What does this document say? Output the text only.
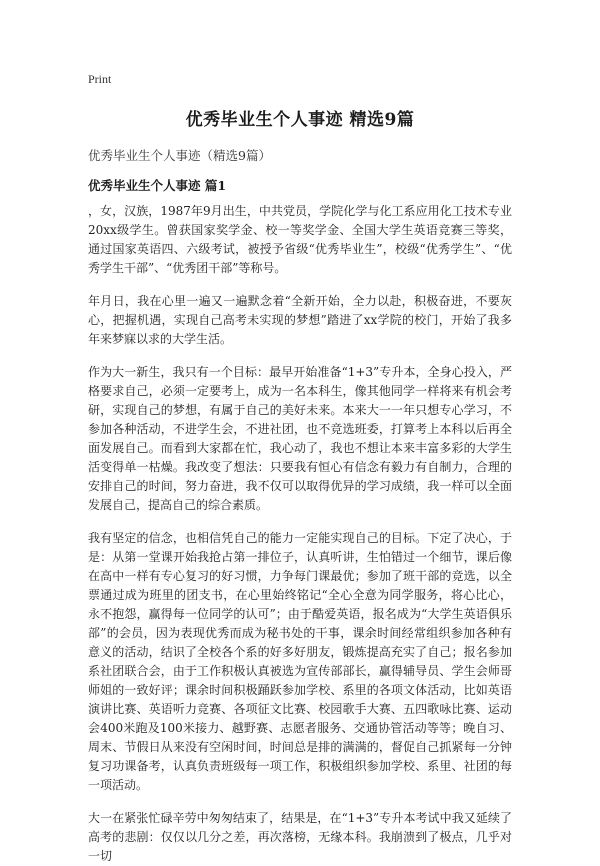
Print
优秀毕业生个人事迹 精选9篇

优秀毕业生个人事迹（精选9篇）

优秀毕业生个人事迹 篇1

，女，汉族，1987年9月出生，中共党员，学院化学与化工系应用化工技术专业20xx级学生。曾获国家奖学金、校一等奖学金、全国大学生英语竞赛三等奖，通过国家英语四、六级考试，被授予省级“优秀毕业生”，校级“优秀学生”、“优秀学生干部”、“优秀团干部”等称号。

年月日，我在心里一遍又一遍默念着“全新开始，全力以赴，积极奋进，不要灰心，把握机遇，实现自己高考未实现的梦想”踏进了xx学院的校门，开始了我多年来梦寐以求的大学生活。

作为大一新生，我只有一个目标：最早开始准备“1+3”专升本，全身心投入，严格要求自己，必须一定要考上，成为一名本科生，像其他同学一样将来有机会考研，实现自己的梦想，有属于自己的美好未来。本来大一一年只想专心学习，不参加各种活动，不进学生会，不进社团，也不竞选班委，打算考上本科以后再全面发展自己。而看到大家都在忙，我心动了，我也不想让本来丰富多彩的大学生活变得单一枯燥。我改变了想法：只要我有恒心有信念有毅力有自制力，合理的安排自己的时间，努力奋进，我不仅可以取得优异的学习成绩，我一样可以全面发展自己，提高自己的综合素质。

我有坚定的信念，也相信凭自己的能力一定能实现自己的目标。下定了决心，于是：从第一堂课开始我抢占第一排位子，认真听讲，生怕错过一个细节，课后像在高中一样有专心复习的好习惯，力争每门课最优；参加了班干部的竞选，以全票通过成为班里的团支书，在心里始终铭记“全心全意为同学服务，将心比心，永不抱怨，赢得每一位同学的认可”；由于酷爱英语，报名成为“大学生英语俱乐部”的会员，因为表现优秀而成为秘书处的干事，课余时间经常组织参加各种有意义的活动，结识了全校各个系的好多好朋友，锻炼提高充实了自己；报名参加系社团联合会，由于工作积极认真被选为宣传部部长，赢得辅导员、学生会师哥师姐的一致好评；课余时间积极踊跃参加学校、系里的各项文体活动，比如英语演讲比赛、英语听力竞赛、各项征文比赛、校园歌手大赛、五四歌咏比赛、运动会400米跑及100米接力、越野赛、志愿者服务、交通协管活动等等；晚自习、周末、节假日从来没有空闲时间，时间总是排的满满的，督促自己抓紧每一分钟复习功课备考，认真负责班级每一项工作，积极组织参加学校、系里、社团的每一项活动。

大一在紧张忙碌辛劳中匆匆结束了，结果是，在“1+3”专升本考试中我又延续了高考的悲剧：仅仅以几分之差，再次落榜，无缘本科。我崩溃到了极点，几乎对一切
